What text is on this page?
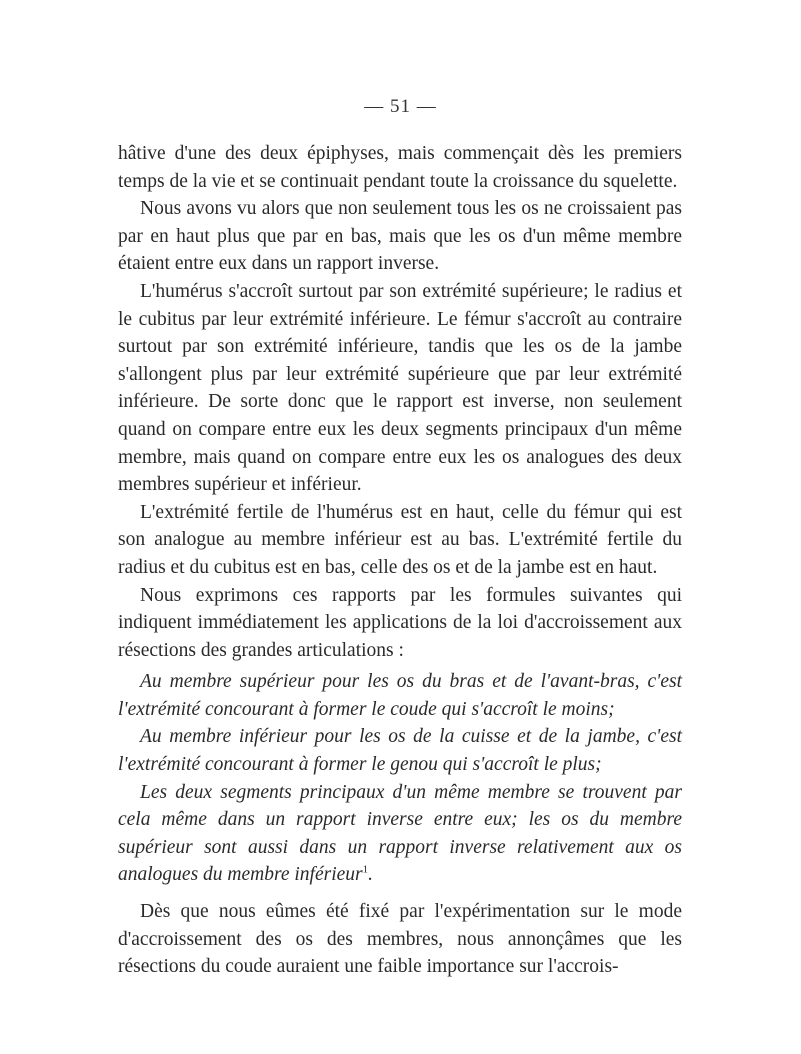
— 51 —

hâtive d'une des deux épiphyses, mais commençait dès les premiers temps de la vie et se continuait pendant toute la croissance du squelette.

Nous avons vu alors que non seulement tous les os ne croissaient pas par en haut plus que par en bas, mais que les os d'un même membre étaient entre eux dans un rapport inverse.

L'humérus s'accroît surtout par son extrémité supérieure; le radius et le cubitus par leur extrémité inférieure. Le fémur s'accroît au contraire surtout par son extrémité inférieure, tandis que les os de la jambe s'allongent plus par leur extrémité supérieure que par leur extrémité inférieure. De sorte donc que le rapport est inverse, non seulement quand on compare entre eux les deux segments principaux d'un même membre, mais quand on compare entre eux les os analogues des deux membres supérieur et inférieur.

L'extrémité fertile de l'humérus est en haut, celle du fémur qui est son analogue au membre inférieur est au bas. L'extrémité fertile du radius et du cubitus est en bas, celle des os et de la jambe est en haut.

Nous exprimons ces rapports par les formules suivantes qui indiquent immédiatement les applications de la loi d'accroissement aux résections des grandes articulations :

Au membre supérieur pour les os du bras et de l'avant-bras, c'est l'extrémité concourant à former le coude qui s'accroît le moins;

Au membre inférieur pour les os de la cuisse et de la jambe, c'est l'extrémité concourant à former le genou qui s'accroît le plus;

Les deux segments principaux d'un même membre se trouvent par cela même dans un rapport inverse entre eux; les os du membre supérieur sont aussi dans un rapport inverse relativement aux os analogues du membre inférieur$^1$.

Dès que nous eûmes été fixé par l'expérimentation sur le mode d'accroissement des os des membres, nous annonçâmes que les résections du coude auraient une faible importance sur l'accrois-
